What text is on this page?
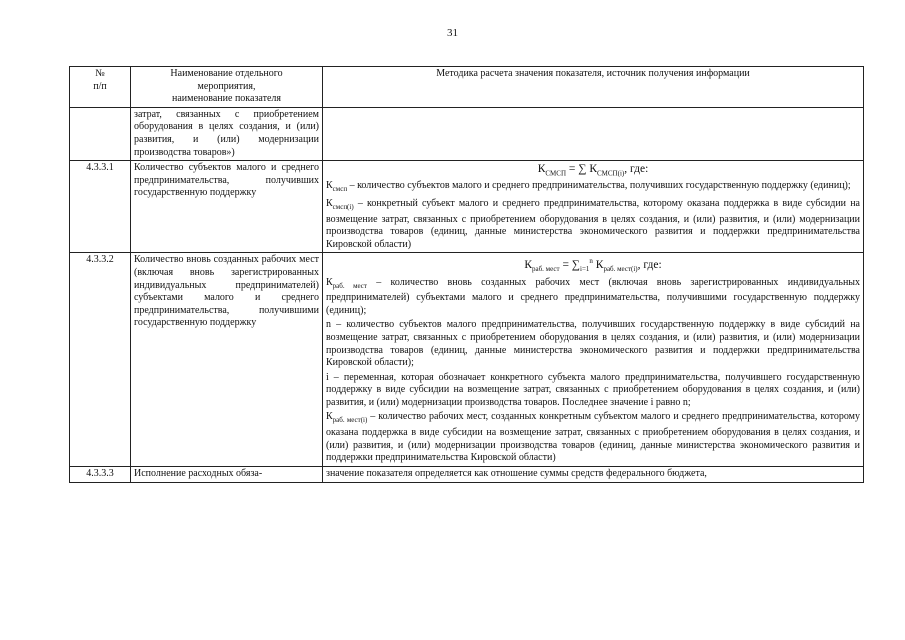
31
№
п/п	Наименование отдельного
мероприятия,
наименование показателя	Методика расчета значения показателя, источник получения информации
	затрат, связанных с приобретением оборудования в целях создания, и (или) развития, и (или) модернизации производства товаров»)	
4.3.3.1	Количество субъектов малого и среднего предпринимательства, получивших государственную поддержку	$К_{СМСП}$ = ∑ $К_{СМСП(i)}$, где:

$К_{смсп}$ – количество субъектов малого и среднего предпринимательства, получивших государственную поддержку (единиц);

$К_{смсп(i)}$ – конкретный субъект малого и среднего предпринимательства, которому оказана поддержка в виде субсидии на возмещение затрат, связанных с приобретением оборудования в целях создания, и (или) развития, и (или) модернизации производства товаров (единиц, данные министерства экономического развития и поддержки предпринимательства Кировской области)

4.3.3.2	Количество вновь созданных рабочих мест (включая вновь зарегистрированных индивидуальных предпринимателей) субъектами малого и среднего предпринимательства, получившими государственную поддержку	$К_{раб. мест} = \sum_{i=1}^n$ $К_{раб. мест(i)}$, где:

$К_{раб. мест}$ – количество вновь созданных рабочих мест (включая вновь зарегистрированных индивидуальных предпринимателей) субъектами малого и среднего предпринимательства, получившими государственную поддержку (единиц);

n – количество субъектов малого предпринимательства, получивших государственную поддержку в виде субсидий на возмещение затрат, связанных с приобретением оборудования в целях создания, и (или) развития, и (или) модернизации производства товаров (единиц, данные министерства экономического развития и поддержки предпринимательства Кировской области);

i – переменная, которая обозначает конкретного субъекта малого предпринимательства, получившего государственную поддержку в виде субсидии на возмещение затрат, связанных с приобретением оборудования в целях создания, и (или) развития, и (или) модернизации производства товаров. Последнее значение i равно n;

$К_{раб. мест(i)}$ – количество рабочих мест, созданных конкретным субъектом малого и среднего предпринимательства, которому оказана поддержка в виде субсидии на возмещение затрат, связанных с приобретением оборудования в целях создания, и (или) развития, и (или) модернизации производства товаров (единиц, данные министерства экономического развития и поддержки предпринимательства Кировской области)

4.3.3.3	Исполнение расходных обяза-	значение показателя определяется как отношение суммы средств федерального бюджета,
